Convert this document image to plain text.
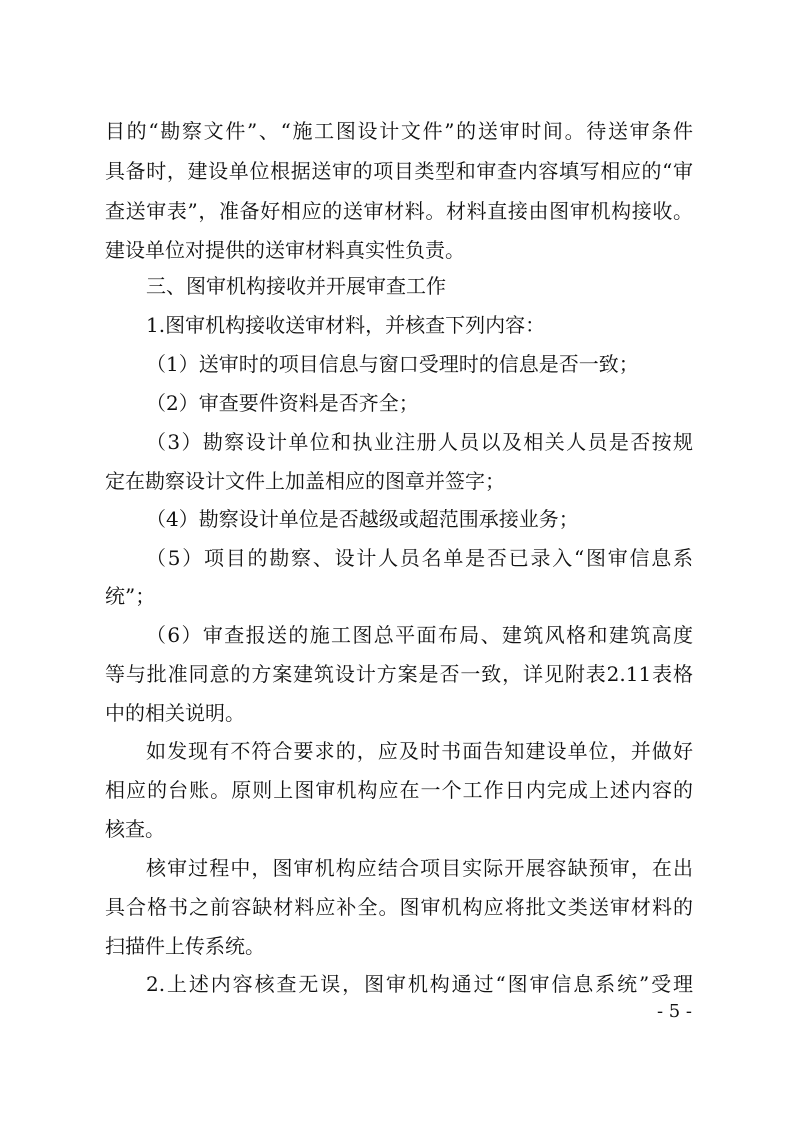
目的“勘察文件”、“施工图设计文件”的送审时间。待送审条件
具备时，建设单位根据送审的项目类型和审查内容填写相应的“审
查送审表”，准备好相应的送审材料。材料直接由图审机构接收。
建设单位对提供的送审材料真实性负责。
三、图审机构接收并开展审查工作
1.图审机构接收送审材料，并核查下列内容：
（1）送审时的项目信息与窗口受理时的信息是否一致；
（2）审查要件资料是否齐全；
（3）勘察设计单位和执业注册人员以及相关人员是否按规
定在勘察设计文件上加盖相应的图章并签字；
（4）勘察设计单位是否越级或超范围承接业务；
（5）项目的勘察、设计人员名单是否已录入“图审信息系
统”；
（6）审查报送的施工图总平面布局、建筑风格和建筑高度
等与批准同意的方案建筑设计方案是否一致，详见附表2.11表格
中的相关说明。
如发现有不符合要求的，应及时书面告知建设单位，并做好
相应的台账。原则上图审机构应在一个工作日内完成上述内容的
核查。
核审过程中，图审机构应结合项目实际开展容缺预审，在出
具合格书之前容缺材料应补全。图审机构应将批文类送审材料的
扫描件上传系统。
2.上述内容核查无误，图审机构通过“图审信息系统”受理
- 5 -
